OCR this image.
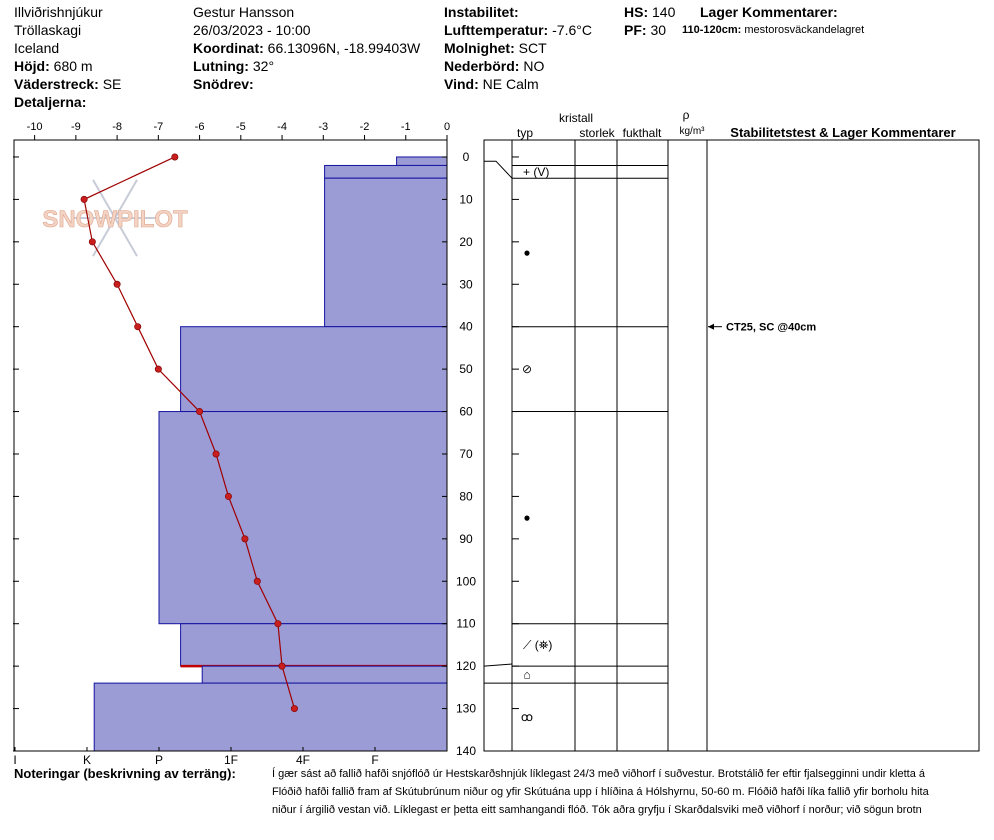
Illviðrishnjúkur
Tröllaskagi
Iceland
Höjd: 680 m
Väderstreck: SE
Detaljerna:
Gestur Hansson
26/03/2023 - 10:00
Koordinat: 66.13096N, -18.99403W
Lutning: 32°
Snödrev:
Instabilitet:
Lufttemperatur: -7.6°C
Molnighet: SCT
Nederbörd: NO
Vind: NE Calm
HS: 140
PF: 30
Lager Kommentarer:
110-120cm: mestorosväckandelagret
SNOWPILOT
-10	-9	-8	-7	-6	-5	-4	-3	-2	-1	0
0
10
20
30
40
50
60
70
80
90
100
110
120
130
140
I	K	P	1F	4F	F
typ
kristall
storlek fukthalt
ρ
kg/m³ Stabilitetstest & Lager Kommentarer
+ (V)
●
⊘
●
⟋ (⛯)
⌂
ꝏ
CT25, SC @40cm
Noteringar (beskrivning av terräng):	Í gær sást að fallið hafði snjóflóð úr Hestskarðshnjúk líklegast 24/3 með viðhorf í suðvestur. Brotstálið fer eftir fjalsegginni undir kletta á
Flóðið hafði fallið fram af Skútubrúnum niður og yfir Skútuána upp í hlíðina á Hólshyrnu, 50-60 m. Flóðið hafði líka fallið yfir borholu hita
niður í árgilið vestan við. Líklegast er þetta eitt samhangandi flóð. Tók aðra gryfju í Skarðdalsviki með viðhorf í norður; við sögun brotn
